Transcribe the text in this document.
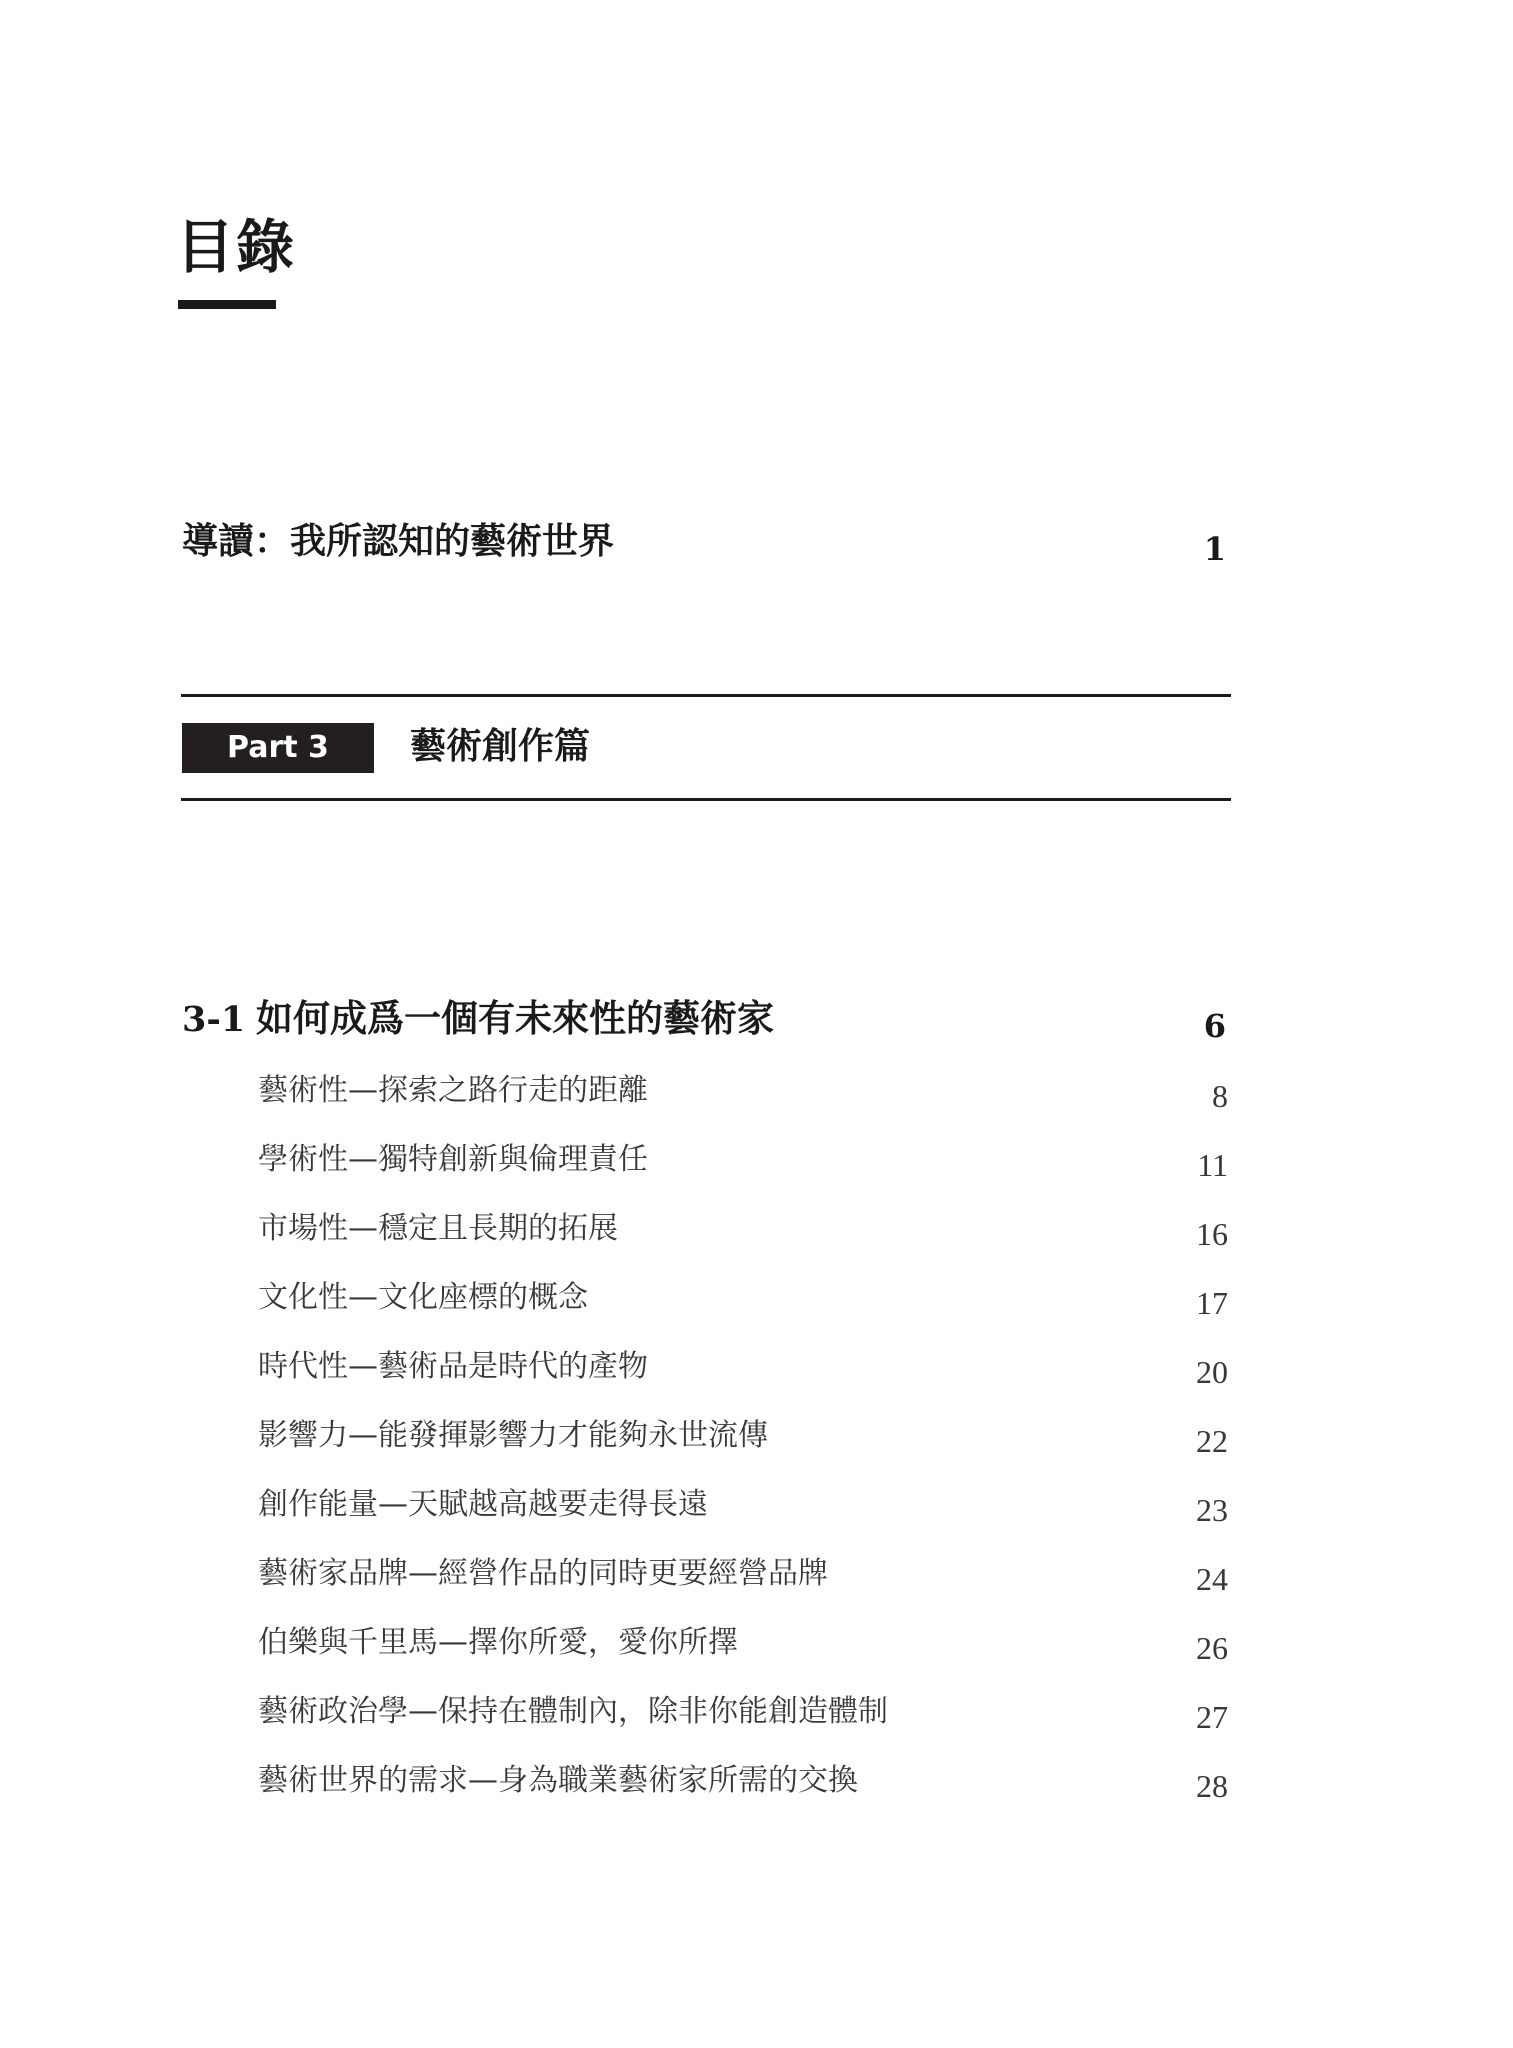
目錄
導讀：我所認知的藝術世界	1
Part 3	藝術創作篇
3-1 如何成爲一個有未來性的藝術家	6
藝術性—探索之路行走的距離	8
學術性—獨特創新與倫理責任	11
市場性—穩定且長期的拓展	16
文化性—文化座標的概念	17
時代性—藝術品是時代的產物	20
影響力—能發揮影響力才能夠永世流傳	22
創作能量—天賦越高越要走得長遠	23
藝術家品牌—經營作品的同時更要經營品牌	24
伯樂與千里馬—擇你所愛，愛你所擇	26
藝術政治學—保持在體制內，除非你能創造體制	27
藝術世界的需求—身為職業藝術家所需的交換	28
